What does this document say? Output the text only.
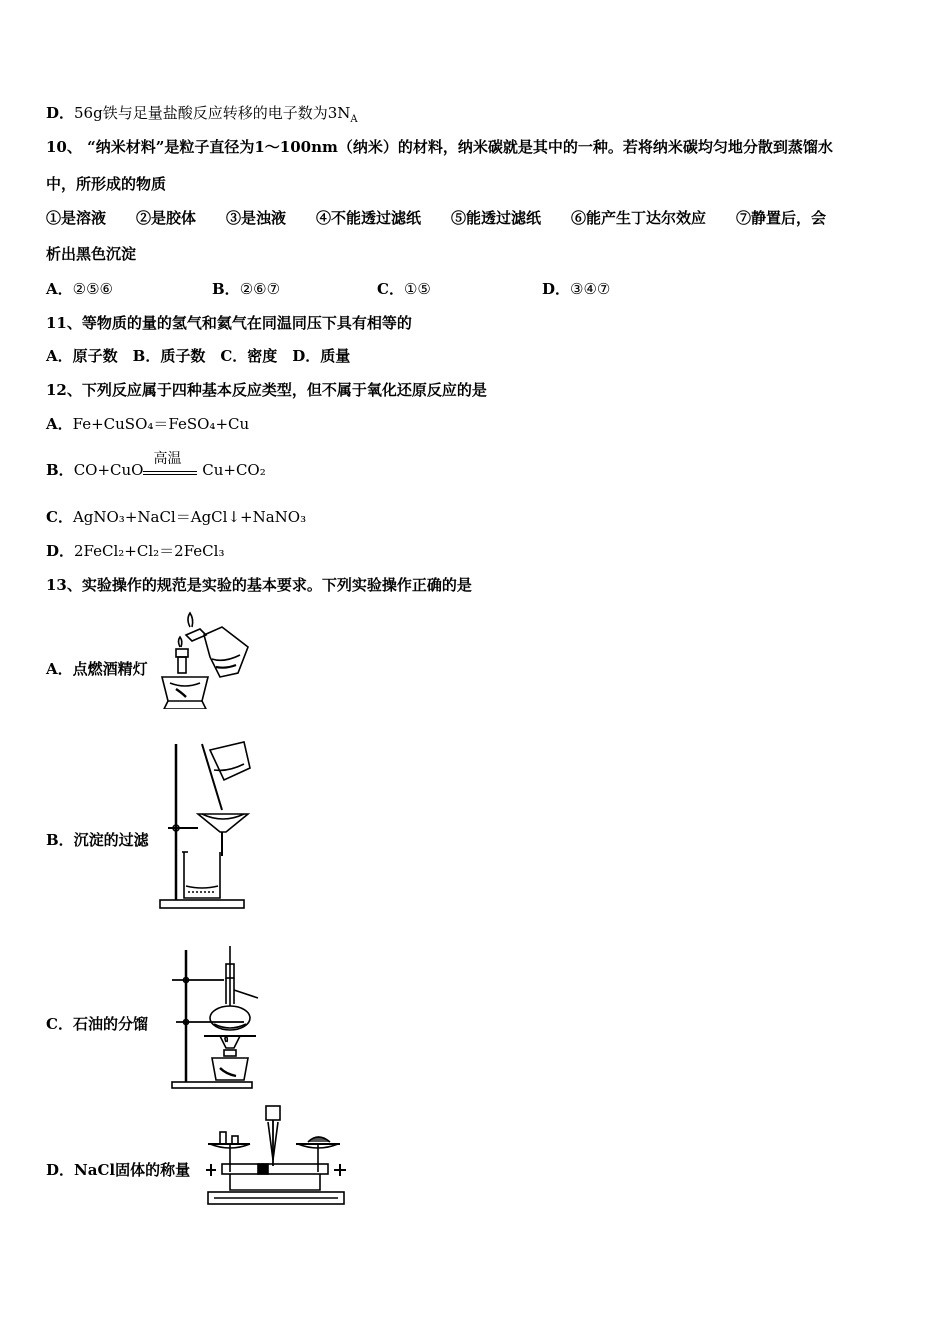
D．56g铁与足量盐酸反应转移的电子数为$3N_A$
10、 “纳米材料”是粒子直径为1～100nm（纳米）的材料，纳米碳就是其中的一种。若将纳米碳均匀地分散到蒸馏水
中，所形成的物质
①是溶液　　②是胶体　　③是浊液　　④不能透过滤纸　　⑤能透过滤纸　　⑥能产生丁达尔效应　　⑦静置后，会
析出黑色沉淀
A．②⑤⑥	B．②⑥⑦	C．①⑤	D．③④⑦
11、等物质的量的氢气和氦气在同温同压下具有相等的
A．原子数　B．质子数　C．密度　D．质量
12、下列反应属于四种基本反应类型，但不属于氧化还原反应的是
A．Fe+CuSO₄＝FeSO₄+Cu
B．CO+CuO
高温
Cu+CO₂
C．AgNO₃+NaCl＝AgCl↓+NaNO₃
D．2FeCl₂+Cl₂＝2FeCl₃
13、实验操作的规范是实验的基本要求。下列实验操作正确的是
A．点燃酒精灯
B．沉淀的过滤
C．石油的分馏
D．NaCl固体的称量
